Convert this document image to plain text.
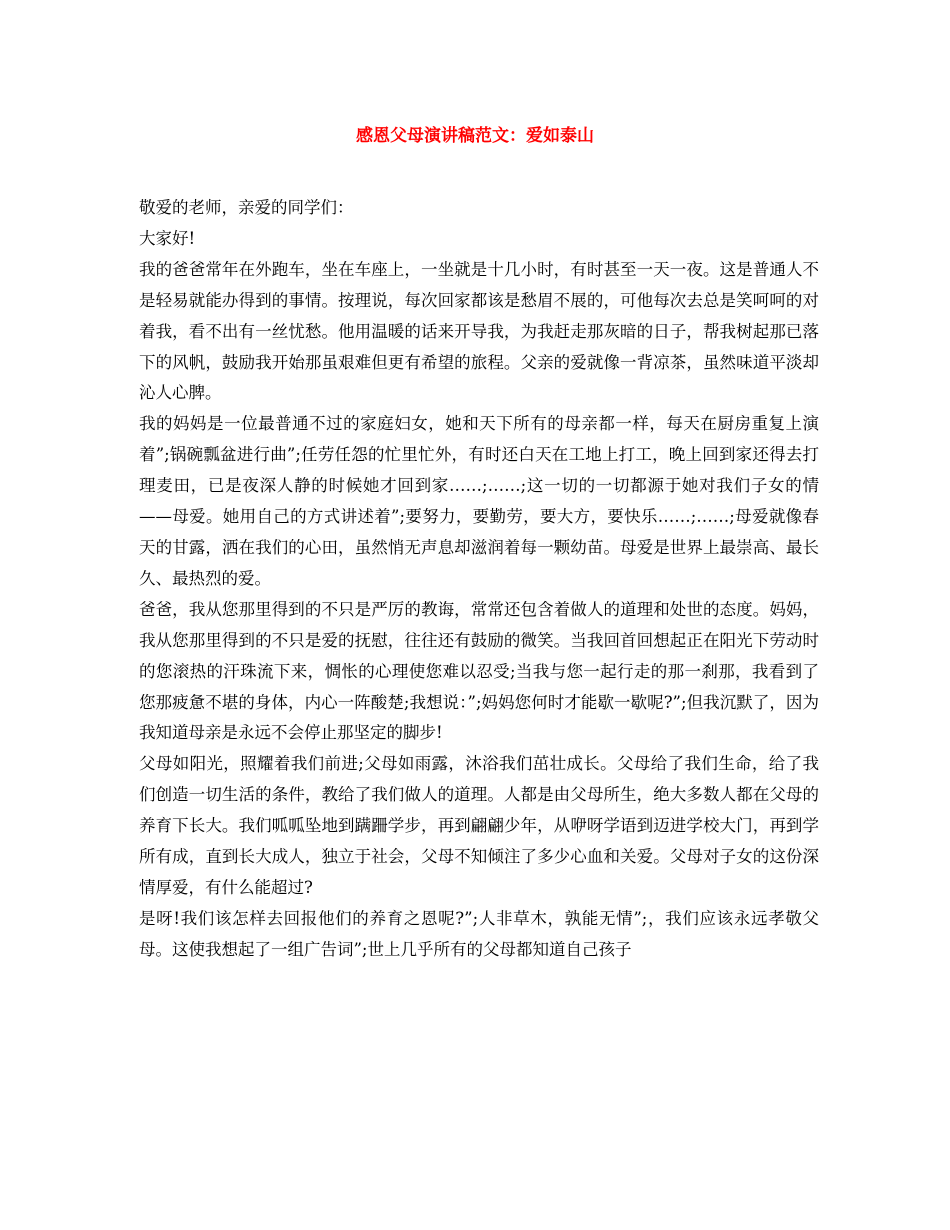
感恩父母演讲稿范文：爱如泰山

敬爱的老师，亲爱的同学们：

大家好!

我的爸爸常年在外跑车，坐在车座上，一坐就是十几小时，有时甚至一天一夜。这是普通人不是轻易就能办得到的事情。按理说，每次回家都该是愁眉不展的，可他每次去总是笑呵呵的对着我，看不出有一丝忧愁。他用温暖的话来开导我，为我赶走那灰暗的日子，帮我树起那已落下的风帆，鼓励我开始那虽艰难但更有希望的旅程。父亲的爱就像一背凉茶，虽然味道平淡却沁人心脾。

我的妈妈是一位最普通不过的家庭妇女，她和天下所有的母亲都一样，每天在厨房重复上演着”;锅碗瓢盆进行曲”;任劳任怨的忙里忙外，有时还白天在工地上打工，晚上回到家还得去打理麦田，已是夜深人静的时候她才回到家……;……;这一切的一切都源于她对我们子女的情——母爱。她用自己的方式讲述着”;要努力，要勤劳，要大方，要快乐……;……;母爱就像春天的甘露，洒在我们的心田，虽然悄无声息却滋润着每一颗幼苗。母爱是世界上最崇高、最长久、最热烈的爱。

爸爸，我从您那里得到的不只是严厉的教诲，常常还包含着做人的道理和处世的态度。妈妈，我从您那里得到的不只是爱的抚慰，往往还有鼓励的微笑。当我回首回想起正在阳光下劳动时的您滚热的汗珠流下来，惆怅的心理使您难以忍受;当我与您一起行走的那一刹那，我看到了您那疲惫不堪的身体，内心一阵酸楚;我想说：”;妈妈您何时才能歇一歇呢?”;但我沉默了，因为我知道母亲是永远不会停止那坚定的脚步!

父母如阳光，照耀着我们前进;父母如雨露，沐浴我们茁壮成长。父母给了我们生命，给了我们创造一切生活的条件，教给了我们做人的道理。人都是由父母所生，绝大多数人都在父母的养育下长大。我们呱呱坠地到蹒跚学步，再到翩翩少年，从咿呀学语到迈进学校大门，再到学所有成，直到长大成人，独立于社会，父母不知倾注了多少心血和关爱。父母对子女的这份深情厚爱，有什么能超过?

是呀!我们该怎样去回报他们的养育之恩呢?”;人非草木，孰能无情”;，我们应该永远孝敬父母。这使我想起了一组广告词”;世上几乎所有的父母都知道自己孩子
